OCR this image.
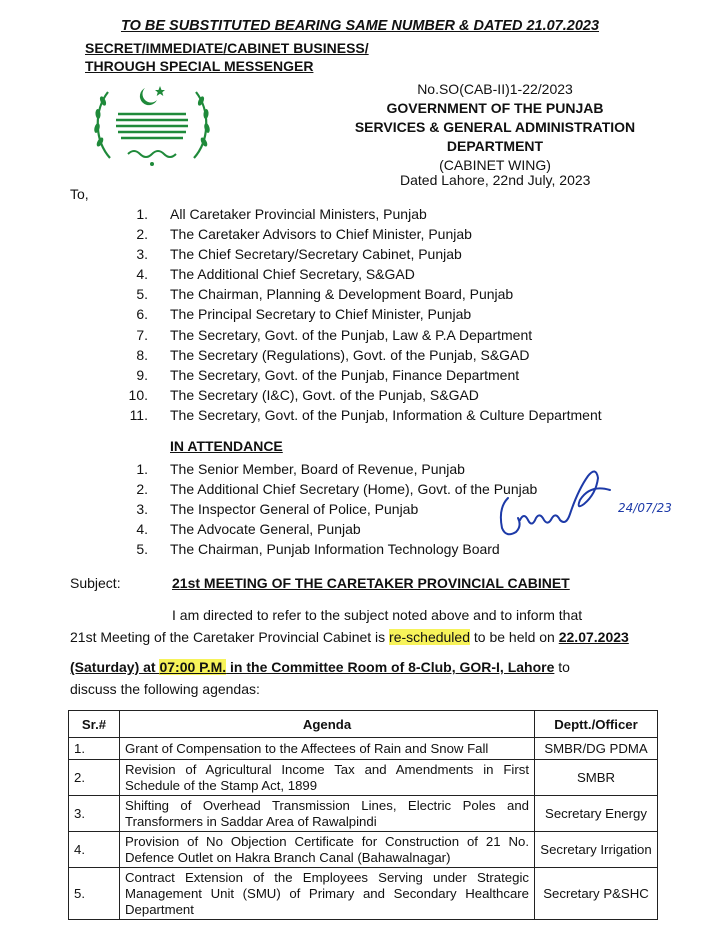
TO BE SUBSTITUTED BEARING SAME NUMBER & DATED 21.07.2023
SECRET/IMMEDIATE/CABINET BUSINESS/
THROUGH SPECIAL MESSENGER
No.SO(CAB-II)1-22/2023
GOVERNMENT OF THE PUNJAB
SERVICES & GENERAL ADMINISTRATION
DEPARTMENT
(CABINET WING)
Dated Lahore, 22nd July, 2023
To,
1. All Caretaker Provincial Ministers, Punjab
2. The Caretaker Advisors to Chief Minister, Punjab
3. The Chief Secretary/Secretary Cabinet, Punjab
4. The Additional Chief Secretary, S&GAD
5. The Chairman, Planning & Development Board, Punjab
6. The Principal Secretary to Chief Minister, Punjab
7. The Secretary, Govt. of the Punjab, Law & P.A Department
8. The Secretary (Regulations), Govt. of the Punjab, S&GAD
9. The Secretary, Govt. of the Punjab, Finance Department
10. The Secretary (I&C), Govt. of the Punjab, S&GAD
11. The Secretary, Govt. of the Punjab, Information & Culture Department
IN ATTENDANCE
1. The Senior Member, Board of Revenue, Punjab
2. The Additional Chief Secretary (Home), Govt. of the Punjab
3. The Inspector General of Police, Punjab
4. The Advocate General, Punjab
5. The Chairman, Punjab Information Technology Board
24/07/23
Subject:	21st MEETING OF THE CARETAKER PROVINCIAL CABINET
I am directed to refer to the subject noted above and to inform that
21st Meeting of the Caretaker Provincial Cabinet is re-scheduled to be held on 22.07.2023
(Saturday) at 07:00 P.M. in the Committee Room of 8-Club, GOR-I, Lahore to
discuss the following agendas:
Sr.#	Agenda	Deptt./Officer
1.	Grant of Compensation to the Affectees of Rain and Snow Fall	SMBR/DG PDMA
2.	Revision of Agricultural Income Tax and Amendments in First Schedule of the Stamp Act, 1899	SMBR
3.	Shifting of Overhead Transmission Lines, Electric Poles and Transformers in Saddar Area of Rawalpindi	Secretary Energy
4.	Provision of No Objection Certificate for Construction of 21 No. Defence Outlet on Hakra Branch Canal (Bahawalnagar)	Secretary Irrigation
5.	Contract Extension of the Employees Serving under Strategic Management Unit (SMU) of Primary and Secondary Healthcare Department	Secretary P&SHC
